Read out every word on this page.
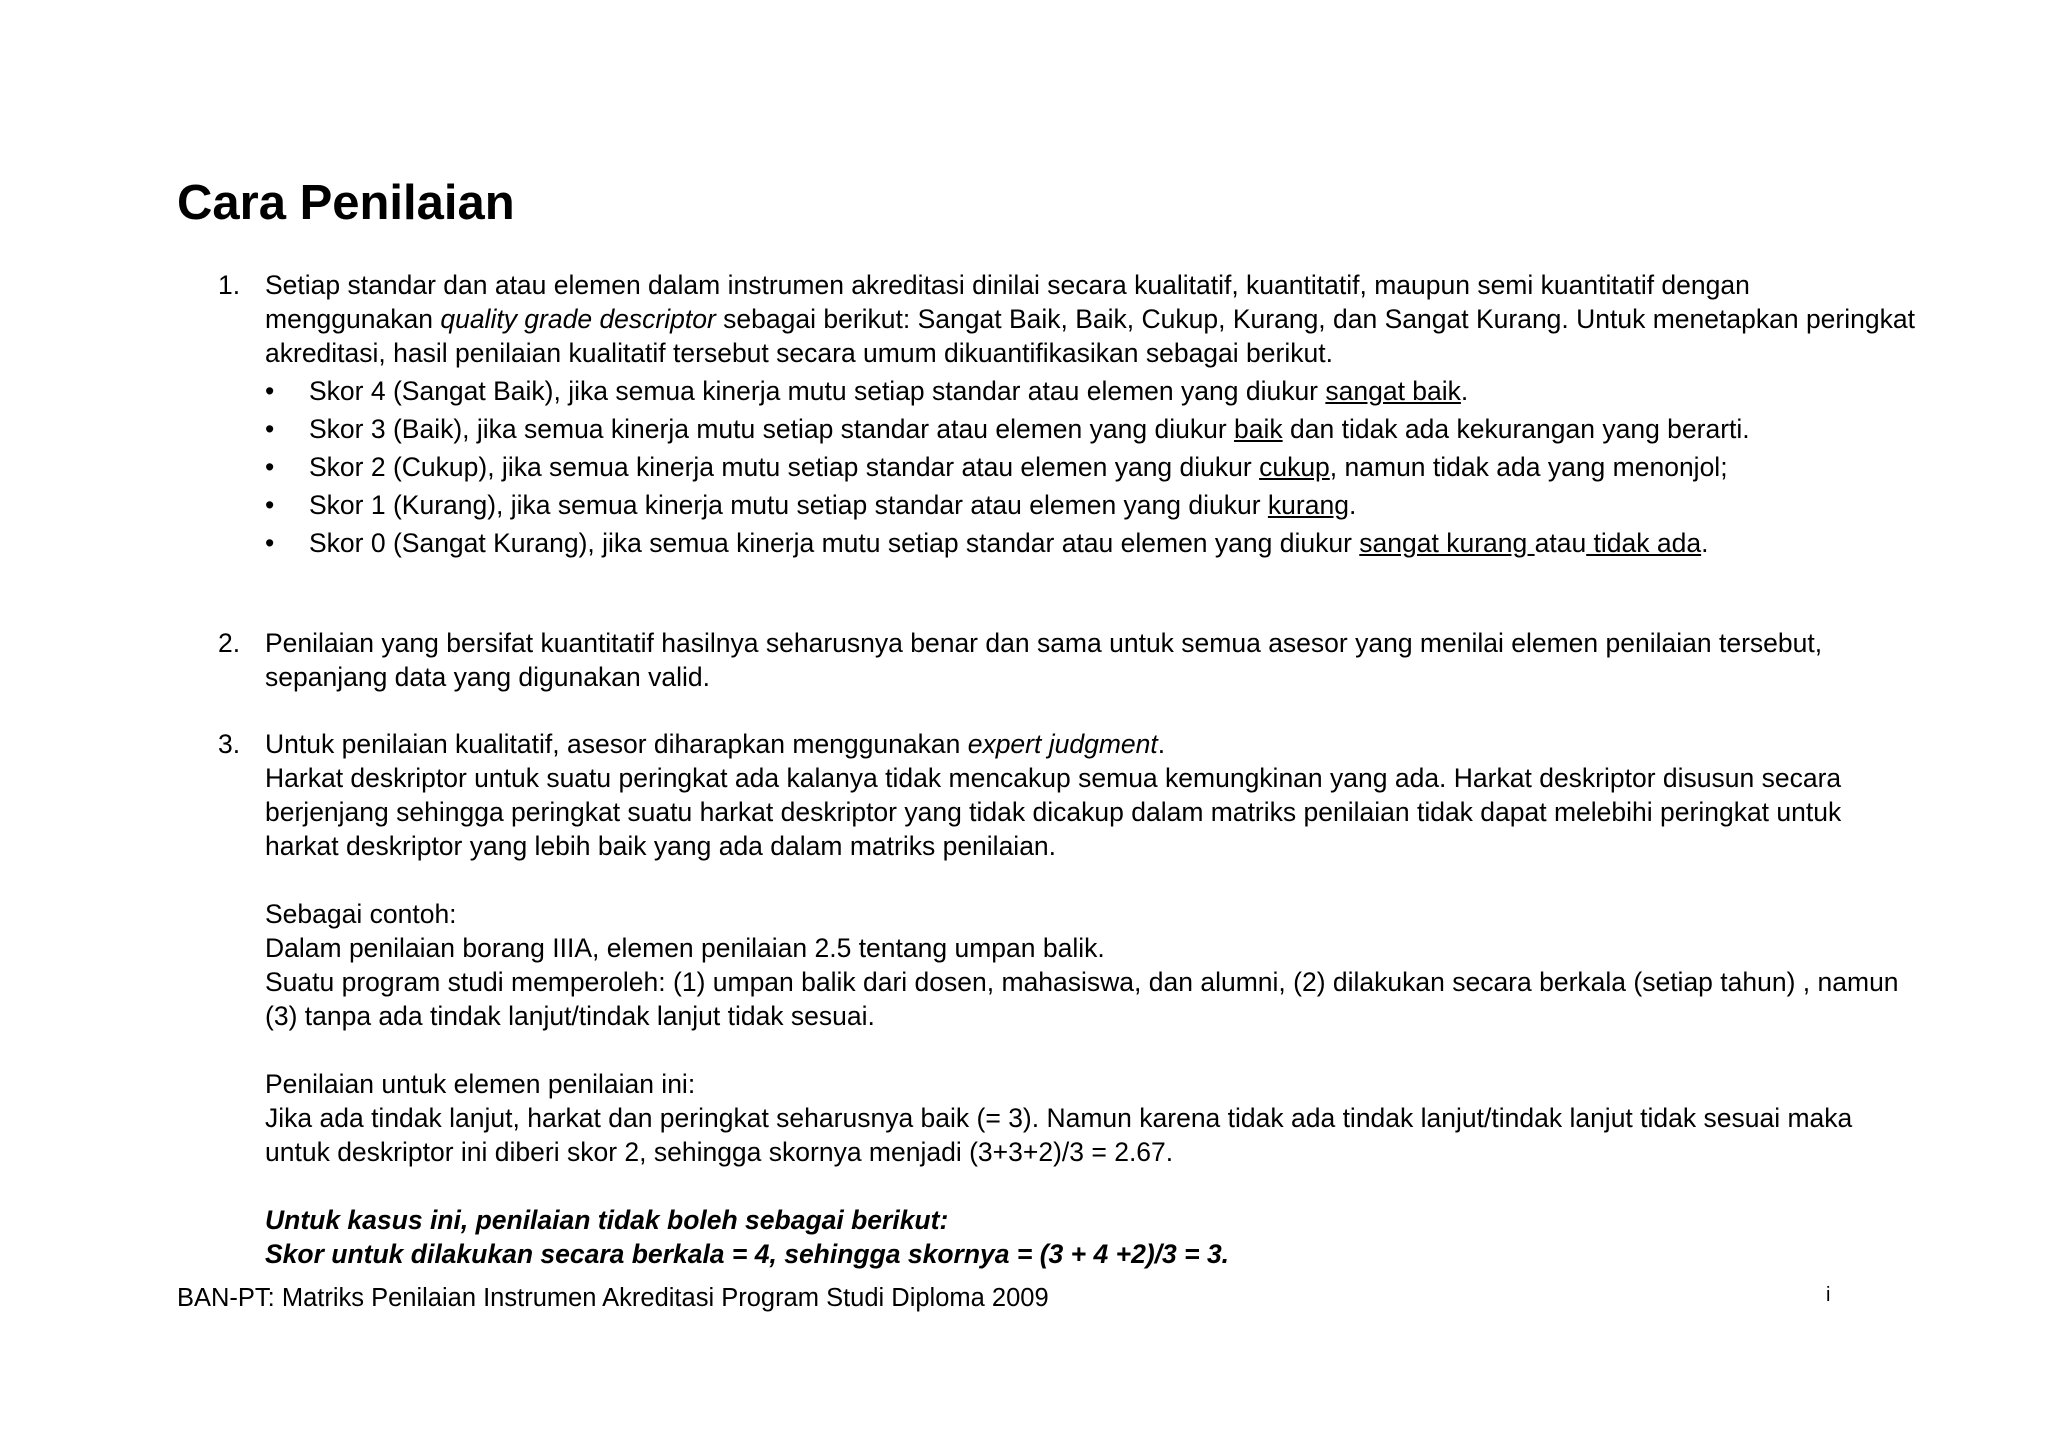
Cara Penilaian
1. Setiap standar dan atau elemen dalam instrumen akreditasi dinilai secara kualitatif, kuantitatif, maupun semi kuantitatif dengan menggunakan quality grade descriptor sebagai berikut: Sangat Baik, Baik, Cukup, Kurang, dan Sangat Kurang. Untuk menetapkan peringkat akreditasi, hasil penilaian kualitatif tersebut secara umum dikuantifikasikan sebagai berikut.
• Skor 4 (Sangat Baik), jika semua kinerja mutu setiap standar atau elemen yang diukur sangat baik.
• Skor 3 (Baik), jika semua kinerja mutu setiap standar atau elemen yang diukur baik dan tidak ada kekurangan yang berarti.
• Skor 2 (Cukup), jika semua kinerja mutu setiap standar atau elemen yang diukur cukup, namun tidak ada yang menonjol;
• Skor 1 (Kurang), jika semua kinerja mutu setiap standar atau elemen yang diukur kurang.
• Skor 0 (Sangat Kurang), jika semua kinerja mutu setiap standar atau elemen yang diukur sangat kurang atau tidak ada.
2. Penilaian yang bersifat kuantitatif hasilnya seharusnya benar dan sama untuk semua asesor yang menilai elemen penilaian tersebut, sepanjang data yang digunakan valid.
3. Untuk penilaian kualitatif, asesor diharapkan menggunakan expert judgment.
Harkat deskriptor untuk suatu peringkat ada kalanya tidak mencakup semua kemungkinan yang ada. Harkat deskriptor disusun secara berjenjang sehingga peringkat suatu harkat deskriptor yang tidak dicakup dalam matriks penilaian tidak dapat melebihi peringkat untuk harkat deskriptor yang lebih baik yang ada dalam matriks penilaian.
Sebagai contoh:
Dalam penilaian borang IIIA, elemen penilaian 2.5 tentang umpan balik.
Suatu program studi memperoleh: (1) umpan balik dari dosen, mahasiswa, dan alumni, (2) dilakukan secara berkala (setiap tahun) , namun (3) tanpa ada tindak lanjut/tindak lanjut tidak sesuai.
Penilaian untuk elemen penilaian ini:
Jika ada tindak lanjut, harkat dan peringkat seharusnya baik (= 3). Namun karena tidak ada tindak lanjut/tindak lanjut tidak sesuai maka untuk deskriptor ini diberi skor 2, sehingga skornya menjadi (3+3+2)/3 = 2.67.
Untuk kasus ini, penilaian tidak boleh sebagai berikut:
Skor untuk dilakukan secara berkala = 4, sehingga skornya = (3 + 4 +2)/3 = 3.
BAN-PT: Matriks Penilaian Instrumen Akreditasi Program Studi Diploma 2009	i
